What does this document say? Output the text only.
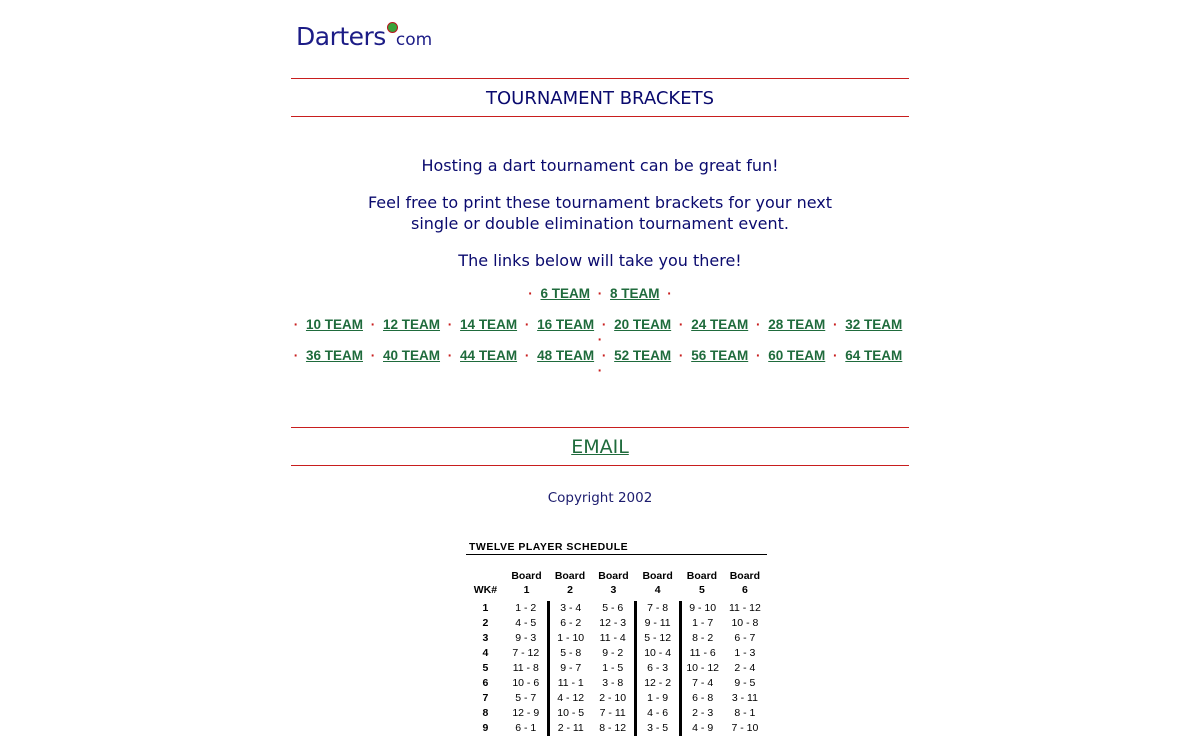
Darters com
TOURNAMENT BRACKETS
Hosting a dart tournament can be great fun!
Feel free to print these tournament brackets for your next
single or double elimination tournament event.
The links below will take you there!
· 6 TEAM · 8 TEAM ·
· 10 TEAM · 12 TEAM · 14 TEAM · 16 TEAM · 20 TEAM · 24 TEAM · 28 TEAM · 32 TEAM ·
· 36 TEAM · 40 TEAM · 44 TEAM · 48 TEAM · 52 TEAM · 56 TEAM · 60 TEAM · 64 TEAM ·
EMAIL
Copyright 2002
TWELVE PLAYER SCHEDULE
	Board	Board	Board	Board	Board	Board
WK#	1	2	3	4	5	6

1	1 - 2	3 - 4	5 - 6	7 - 8	9 - 10	11 - 12
2	4 - 5	6 - 2	12 - 3	9 - 11	1 - 7	10 - 8
3	9 - 3	1 - 10	11 - 4	5 - 12	8 - 2	6 - 7
4	7 - 12	5 - 8	9 - 2	10 - 4	11 - 6	1 - 3
5	11 - 8	9 - 7	1 - 5	6 - 3	10 - 12	2 - 4
6	10 - 6	11 - 1	3 - 8	12 - 2	7 - 4	9 - 5
7	5 - 7	4 - 12	2 - 10	1 - 9	6 - 8	3 - 11
8	12 - 9	10 - 5	7 - 11	4 - 6	2 - 3	8 - 1
9	6 - 1	2 - 11	8 - 12	3 - 5	4 - 9	7 - 10
